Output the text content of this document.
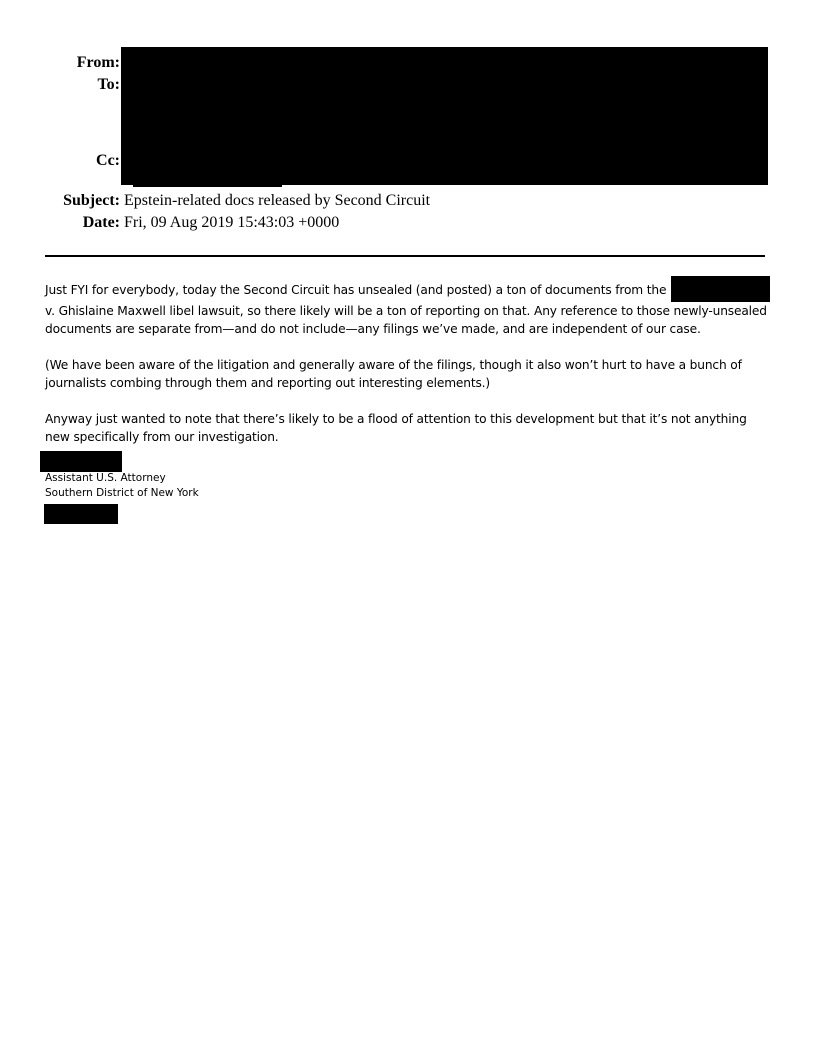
From:
To:
Cc:
Subject: Epstein-related docs released by Second Circuit
Date: Fri, 09 Aug 2019 15:43:03 +0000

Just FYI for everybody, today the Second Circuit has unsealed (and posted) a ton of documents from the v. Ghislaine Maxwell libel lawsuit, so there likely will be a ton of reporting on that. Any reference to those newly-unsealed documents are separate from—and do not include—any filings we’ve made, and are independent of our case.

(We have been aware of the litigation and generally aware of the filings, though it also won’t hurt to have a bunch of journalists combing through them and reporting out interesting elements.)

Anyway just wanted to note that there’s likely to be a flood of attention to this development but that it’s not anything new specifically from our investigation.

Assistant U.S. Attorney
Southern District of New York
